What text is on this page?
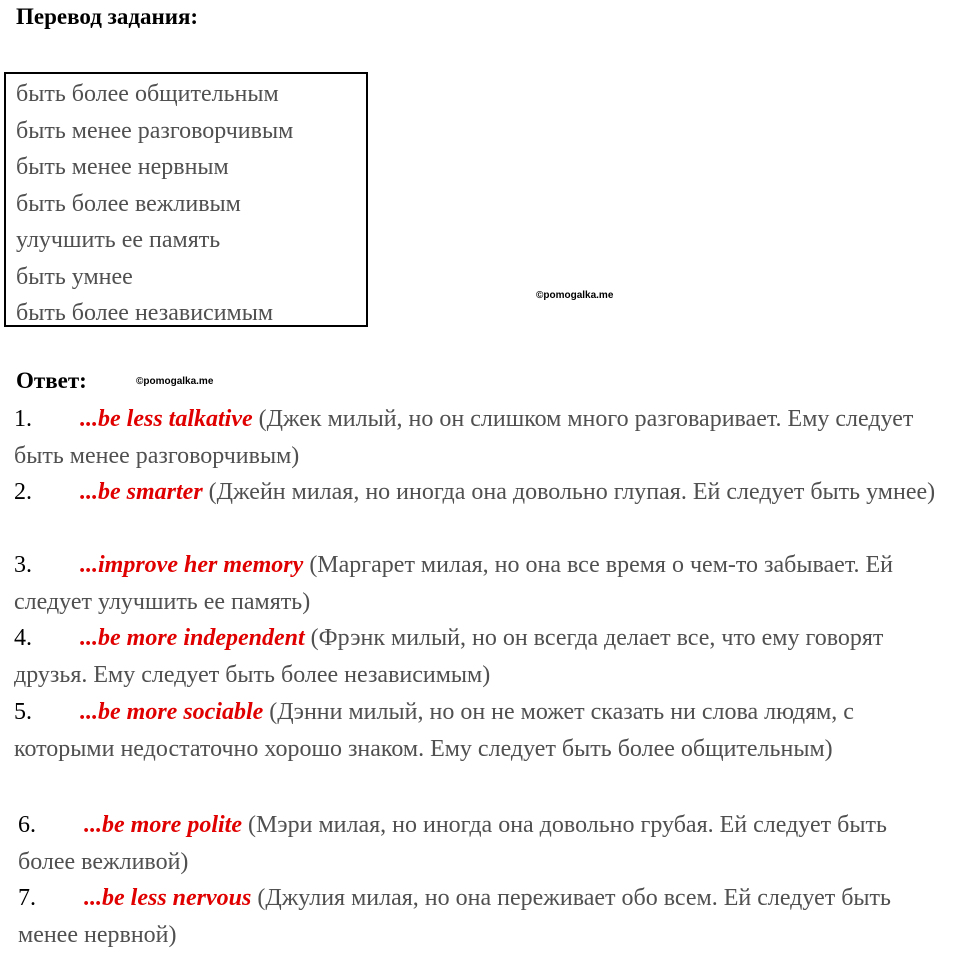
Перевод задания:
быть более общительным
быть менее разговорчивым
быть менее нервным
быть более вежливым
улучшить ее память
быть умнее
быть более независимым
©pomogalka.me
Ответ:	©pomogalka.me
1. ...be less talkative (Джек милый, но он слишком много разговаривает. Ему следует быть менее разговорчивым)
2. ...be smarter (Джейн милая, но иногда она довольно глупая. Ей следует быть умнее)
3. ...improve her memory (Маргарет милая, но она все время о чем-то забывает. Ей следует улучшить ее память)
4. ...be more independent (Фрэнк милый, но он всегда делает все, что ему говорят друзья. Ему следует быть более независимым)
5. ...be more sociable (Дэнни милый, но он не может сказать ни слова людям, с которыми недостаточно хорошо знаком. Ему следует быть более общительным)
6. ...be more polite (Мэри милая, но иногда она довольно грубая. Ей следует быть более вежливой)
7. ...be less nervous (Джулия милая, но она переживает обо всем. Ей следует быть менее нервной)
